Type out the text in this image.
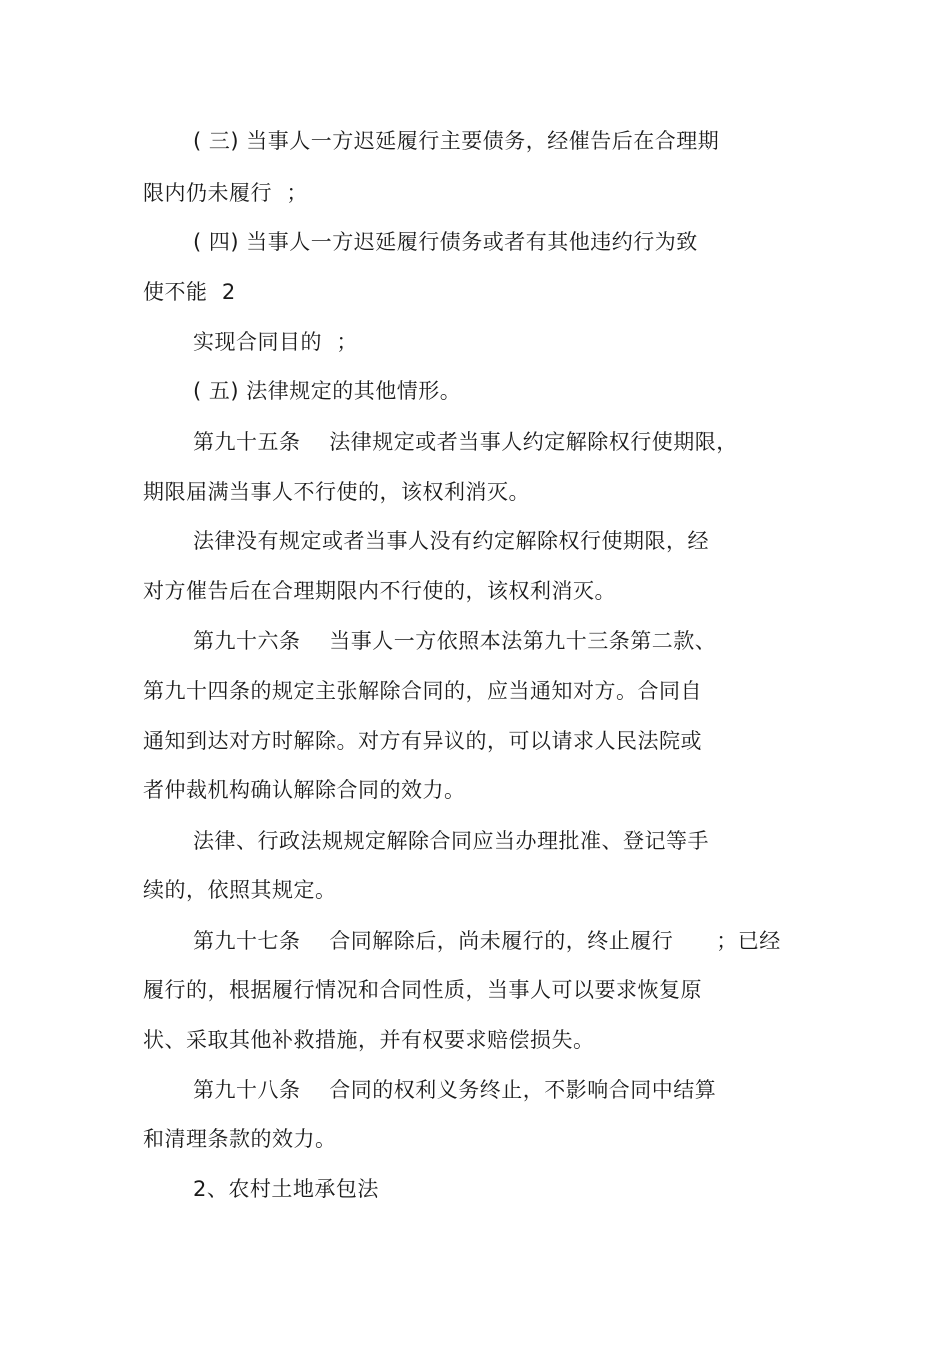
( 三) 当事人一方迟延履行主要债务，经催告后在合理期
限内仍未履行  ；
( 四) 当事人一方迟延履行债务或者有其他违约行为致
使不能  2
实现合同目的  ；
( 五) 法律规定的其他情形。
第九十五条    法律规定或者当事人约定解除权行使期限，
期限届满当事人不行使的，该权利消灭。
法律没有规定或者当事人没有约定解除权行使期限，经
对方催告后在合理期限内不行使的，该权利消灭。
第九十六条    当事人一方依照本法第九十三条第二款、
第九十四条的规定主张解除合同的，应当通知对方。合同自
通知到达对方时解除。对方有异议的，可以请求人民法院或
者仲裁机构确认解除合同的效力。
法律、行政法规规定解除合同应当办理批准、登记等手
续的，依照其规定。
第九十七条    合同解除后，尚未履行的，终止履行      ；已经
履行的，根据履行情况和合同性质，当事人可以要求恢复原
状、采取其他补救措施，并有权要求赔偿损失。
第九十八条    合同的权利义务终止，不影响合同中结算
和清理条款的效力。
2、农村土地承包法
